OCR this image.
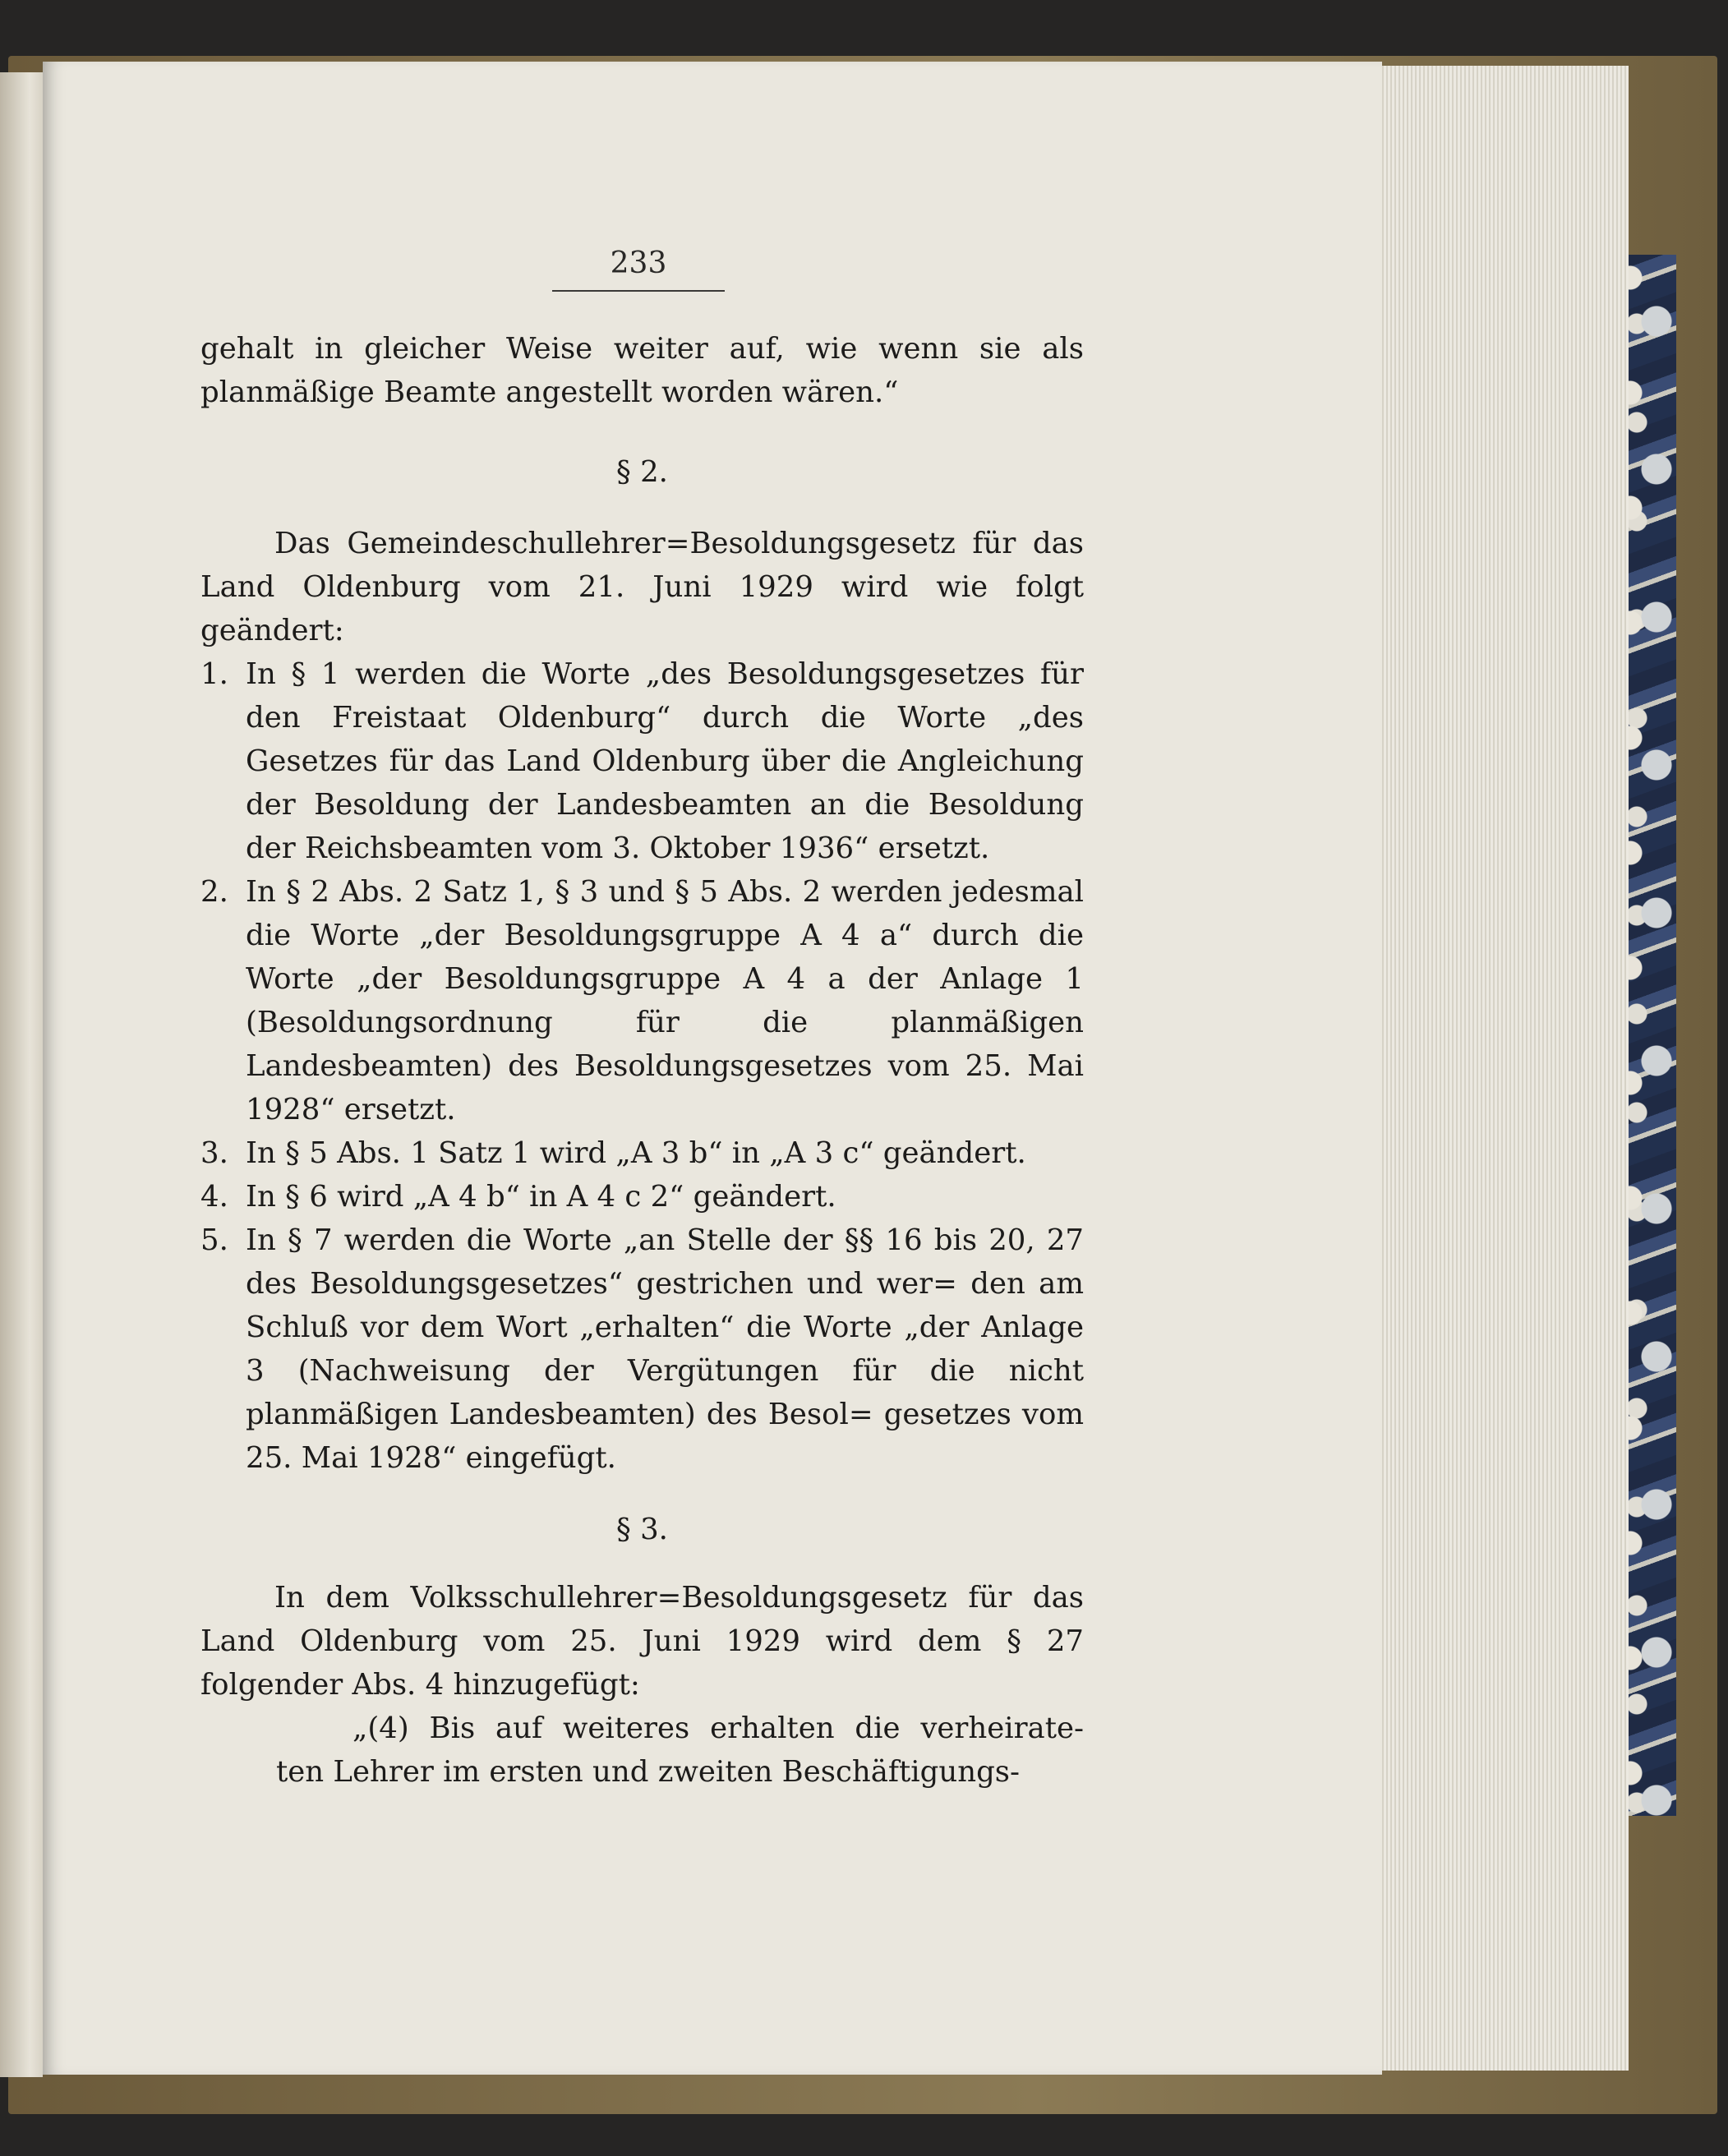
233
gehalt in gleicher Weise weiter auf, wie wenn sie als
planmäßige Beamte angestellt worden wären.“
§ 2.

Das Gemeindeschullehrer=Besoldungsgesetz für das Land Oldenburg vom 21. Juni 1929 wird wie folgt geändert:

1. In § 1 werden die Worte „des Besoldungsgesetzes für den Freistaat Oldenburg“ durch die Worte „des Gesetzes für das Land Oldenburg über die Angleichung der Besoldung der Landesbeamten an die Besoldung der Reichsbeamten vom 3. Oktober 1936“ ersetzt.
2. In § 2 Abs. 2 Satz 1, § 3 und § 5 Abs. 2 werden jedesmal die Worte „der Besoldungsgruppe A 4 a“ durch die Worte „der Besoldungsgruppe A 4 a der Anlage 1 (Besoldungsordnung für die planmäßigen Landesbeamten) des Besoldungsgesetzes vom 25. Mai 1928“ ersetzt.
3. In § 5 Abs. 1 Satz 1 wird „A 3 b“ in „A 3 c“ geändert.
4. In § 6 wird „A 4 b“ in A 4 c 2“ geändert.
5. In § 7 werden die Worte „an Stelle der §§ 16 bis 20, 27 des Besoldungsgesetzes“ gestrichen und wer= den am Schluß vor dem Wort „erhalten“ die Worte „der Anlage 3 (Nachweisung der Vergütungen für die nicht planmäßigen Landesbeamten) des Besol= gesetzes vom 25. Mai 1928“ eingefügt.
§ 3.

In dem Volksschullehrer=Besoldungsgesetz für das Land Oldenburg vom 25. Juni 1929 wird dem § 27 folgender Abs. 4 hinzugefügt:

„(4) Bis auf weiteres erhalten die verheirate-

ten Lehrer im ersten und zweiten Beschäftigungs-
